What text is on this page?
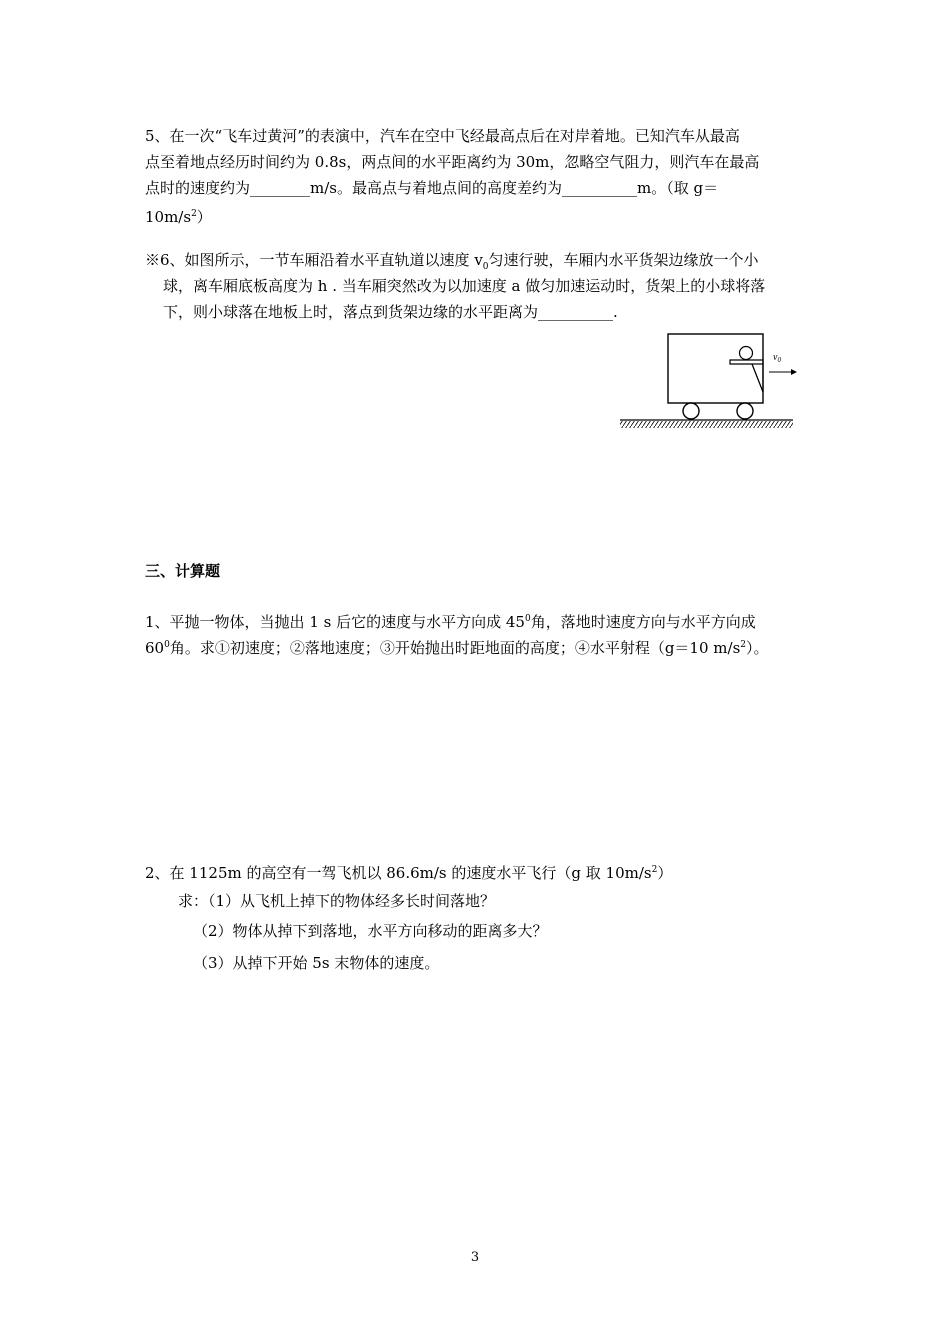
5、在一次“飞车过黄河”的表演中，汽车在空中飞经最高点后在对岸着地。已知汽车从最高
点至着地点经历时间约为 0.8s，两点间的水平距离约为 30m，忽略空气阻力，则汽车在最高
点时的速度约为________m/s。最高点与着地点间的高度差约为__________m。（取 g＝
$10m/s^2$）
※6、如图所示，一节车厢沿着水平直轨道以速度 $v_0$匀速行驶，车厢内水平货架边缘放一个小
球，离车厢底板高度为 h . 当车厢突然改为以加速度 a 做匀加速运动时，货架上的小球将落
下，则小球落在地板上时，落点到货架边缘的水平距离为__________.
$v_0$
三、计算题
1、平抛一物体，当抛出 1 s 后它的速度与水平方向成 $45^0$角，落地时速度方向与水平方向成
$60^0$角。求①初速度；②落地速度；③开始抛出时距地面的高度；④水平射程（g＝10 $m/s^2$）。
2、在 1125m 的高空有一驾飞机以 86.6m/s 的速度水平飞行（g 取 $10m/s^2$）
求：（1）从飞机上掉下的物体经多长时间落地？
（2）物体从掉下到落地，水平方向移动的距离多大？
（3）从掉下开始 5s 末物体的速度。
3
